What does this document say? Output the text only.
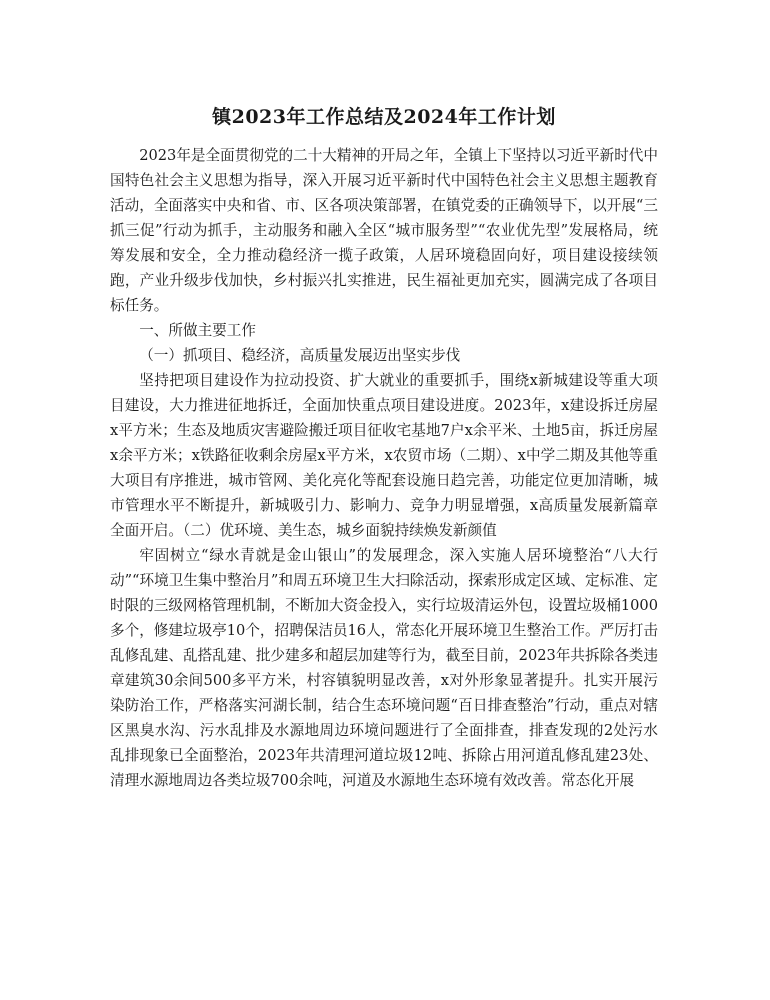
镇2023年工作总结及2024年工作计划

2023年是全面贯彻党的二十大精神的开局之年，全镇上下坚持以习近平新时代中国特色社会主义思想为指导，深入开展习近平新时代中国特色社会主义思想主题教育活动，全面落实中央和省、市、区各项决策部署，在镇党委的正确领导下，以开展“三抓三促”行动为抓手，主动服务和融入全区“城市服务型”“农业优先型”发展格局，统筹发展和安全，全力推动稳经济一揽子政策，人居环境稳固向好，项目建设接续领跑，产业升级步伐加快，乡村振兴扎实推进，民生福祉更加充实，圆满完成了各项目标任务。

一、所做主要工作

（一）抓项目、稳经济，高质量发展迈出坚实步伐

坚持把项目建设作为拉动投资、扩大就业的重要抓手，围绕x新城建设等重大项目建设，大力推进征地拆迁，全面加快重点项目建设进度。2023年，x建设拆迁房屋x平方米；生态及地质灾害避险搬迁项目征收宅基地7户x余平米、土地5亩，拆迁房屋x余平方米；x铁路征收剩余房屋x平方米，x农贸市场（二期）、x中学二期及其他等重大项目有序推进，城市管网、美化亮化等配套设施日趋完善，功能定位更加清晰，城市管理水平不断提升，新城吸引力、影响力、竞争力明显增强，x高质量发展新篇章全面开启。（二）优环境、美生态，城乡面貌持续焕发新颜值

牢固树立“绿水青就是金山银山”的发展理念，深入实施人居环境整治“八大行动”“环境卫生集中整治月”和周五环境卫生大扫除活动，探索形成定区域、定标准、定时限的三级网格管理机制，不断加大资金投入，实行垃圾清运外包，设置垃圾桶1000多个，修建垃圾亭10个，招聘保洁员16人，常态化开展环境卫生整治工作。严厉打击乱修乱建、乱搭乱建、批少建多和超层加建等行为，截至目前，2023年共拆除各类违章建筑30余间500多平方米，村容镇貌明显改善，x对外形象显著提升。扎实开展污染防治工作，严格落实河湖长制，结合生态环境问题“百日排查整治”行动，重点对辖区黑臭水沟、污水乱排及水源地周边环境问题进行了全面排查，排查发现的2处污水乱排现象已全面整治，2023年共清理河道垃圾12吨、拆除占用河道乱修乱建23处、清理水源地周边各类垃圾700余吨，河道及水源地生态环境有效改善。常态化开展
